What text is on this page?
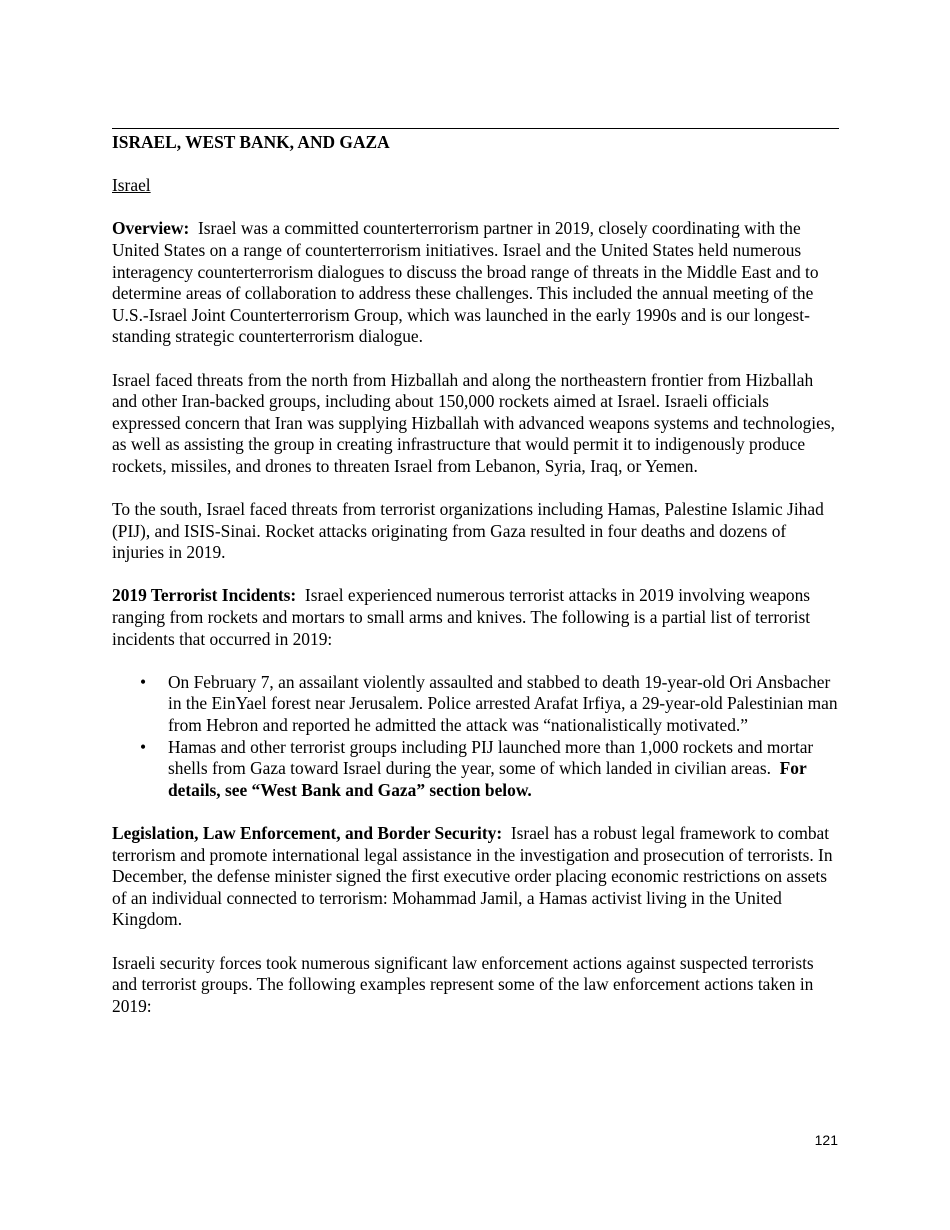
ISRAEL, WEST BANK, AND GAZA
Israel

Overview: Israel was a committed counterterrorism partner in 2019, closely coordinating with the United States on a range of counterterrorism initiatives. Israel and the United States held numerous interagency counterterrorism dialogues to discuss the broad range of threats in the Middle East and to determine areas of collaboration to address these challenges. This included the annual meeting of the U.S.-Israel Joint Counterterrorism Group, which was launched in the early 1990s and is our longest-standing strategic counterterrorism dialogue.

Israel faced threats from the north from Hizballah and along the northeastern frontier from Hizballah and other Iran-backed groups, including about 150,000 rockets aimed at Israel. Israeli officials expressed concern that Iran was supplying Hizballah with advanced weapons systems and technologies, as well as assisting the group in creating infrastructure that would permit it to indigenously produce rockets, missiles, and drones to threaten Israel from Lebanon, Syria, Iraq, or Yemen.

To the south, Israel faced threats from terrorist organizations including Hamas, Palestine Islamic Jihad (PIJ), and ISIS-Sinai. Rocket attacks originating from Gaza resulted in four deaths and dozens of injuries in 2019.

2019 Terrorist Incidents: Israel experienced numerous terrorist attacks in 2019 involving weapons ranging from rockets and mortars to small arms and knives. The following is a partial list of terrorist incidents that occurred in 2019:

• On February 7, an assailant violently assaulted and stabbed to death 19-year-old Ori Ansbacher in the EinYael forest near Jerusalem. Police arrested Arafat Irfiya, a 29-year-old Palestinian man from Hebron and reported he admitted the attack was “nationalistically motivated.”
• Hamas and other terrorist groups including PIJ launched more than 1,000 rockets and mortar shells from Gaza toward Israel during the year, some of which landed in civilian areas. For details, see “West Bank and Gaza” section below.

Legislation, Law Enforcement, and Border Security: Israel has a robust legal framework to combat terrorism and promote international legal assistance in the investigation and prosecution of terrorists. In December, the defense minister signed the first executive order placing economic restrictions on assets of an individual connected to terrorism: Mohammad Jamil, a Hamas activist living in the United Kingdom.

Israeli security forces took numerous significant law enforcement actions against suspected terrorists and terrorist groups. The following examples represent some of the law enforcement actions taken in 2019:

121
